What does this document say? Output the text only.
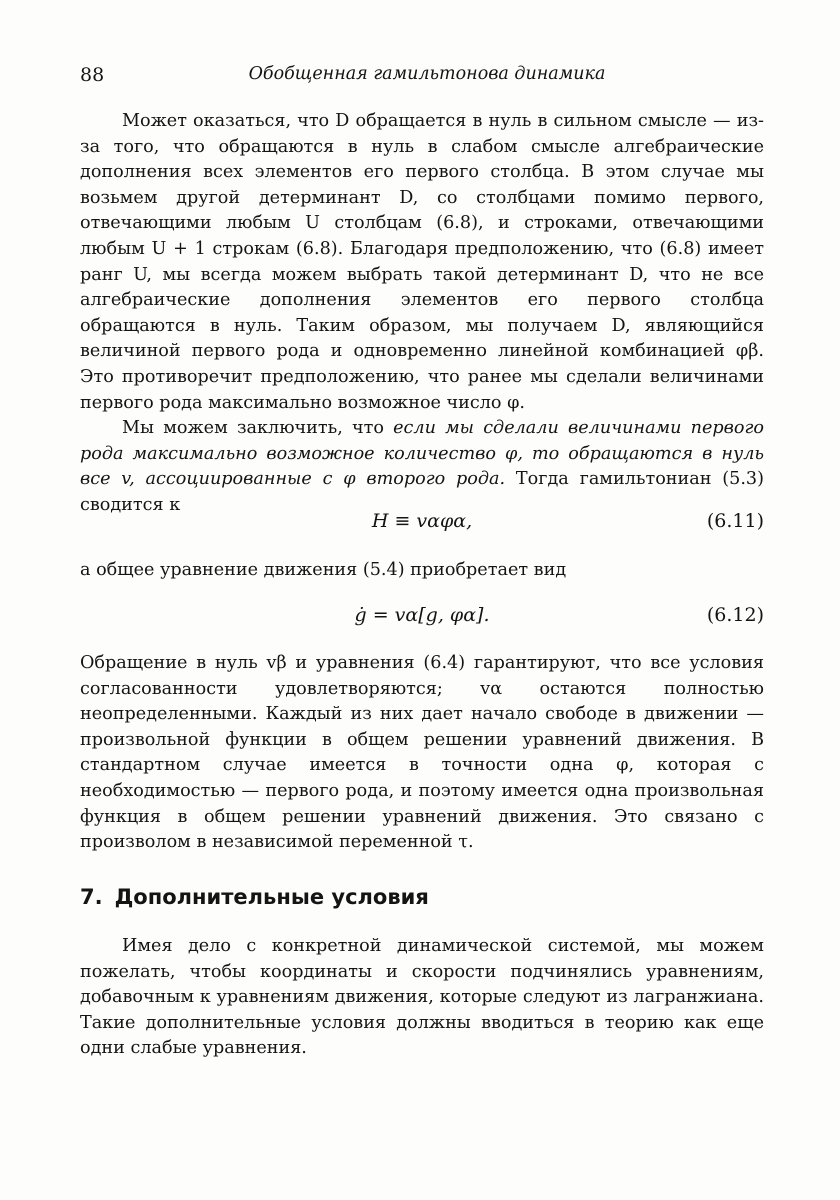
88	Обобщенная гамильтонова динамика

Может оказаться, что D обращается в нуль в сильном смысле — из-за того, что обращаются в нуль в слабом смысле алгебраические дополнения всех элементов его первого столбца. В этом случае мы возьмем другой детерминант D, со столбцами помимо первого, отвечающими любым U столбцам (6.8), и строками, отвечающими любым U + 1 строкам (6.8). Благодаря предположению, что (6.8) имеет ранг U, мы всегда можем выбрать такой детерминант D, что не все алгебраические дополнения элементов его первого столбца обращаются в нуль. Таким образом, мы получаем D, являющийся величиной первого рода и одновременно линейной комбинацией φβ. Это противоречит предположению, что ранее мы сделали величинами первого рода максимально возможное число φ.

Мы можем заключить, что если мы сделали величинами первого рода максимально возможное количество φ, то обращаются в нуль все v, ассоциированные с φ второго рода. Тогда гамильтониан (5.3) сводится к

H ≡ vαφα,	(6.11)

а общее уравнение движения (5.4) приобретает вид

ġ = vα[g, φα].	(6.12)

Обращение в нуль vβ и уравнения (6.4) гарантируют, что все условия согласованности удовлетворяются; vα остаются полностью неопределенными. Каждый из них дает начало свободе в движении — произвольной функции в общем решении уравнений движения. В стандартном случае имеется в точности одна φ, которая с необходимостью — первого рода, и поэтому имеется одна произвольная функция в общем решении уравнений движения. Это связано с произволом в независимой переменной τ.

7. Дополнительные условия

Имея дело с конкретной динамической системой, мы можем пожелать, чтобы координаты и скорости подчинялись уравнениям, добавочным к уравнениям движения, которые следуют из лагранжиана. Такие дополнительные условия должны вводиться в теорию как еще одни слабые уравнения.
